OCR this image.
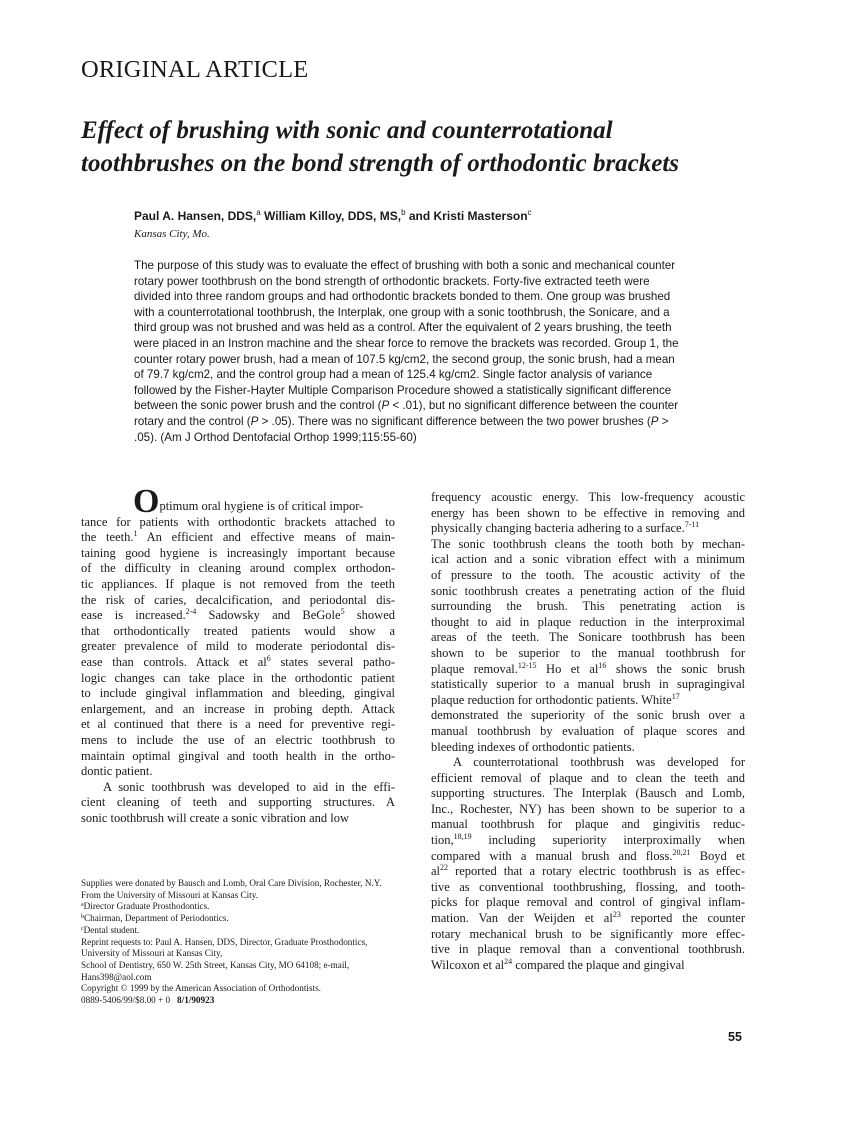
ORIGINAL ARTICLE
Effect of brushing with sonic and counterrotational
toothbrushes on the bond strength of orthodontic brackets
Paul A. Hansen, DDS,$^a$ William Killoy, DDS, MS,$^b$ and Kristi Masterson$^c$
Kansas City, Mo.
The purpose of this study was to evaluate the effect of brushing with both a sonic and mechanical counter
rotary power toothbrush on the bond strength of orthodontic brackets. Forty-five extracted teeth were
divided into three random groups and had orthodontic brackets bonded to them. One group was brushed
with a counterrotational toothbrush, the Interplak, one group with a sonic toothbrush, the Sonicare, and a
third group was not brushed and was held as a control. After the equivalent of 2 years brushing, the teeth
were placed in an Instron machine and the shear force to remove the brackets was recorded. Group 1, the
counter rotary power brush, had a mean of 107.5 kg/cm2, the second group, the sonic brush, had a mean
of 79.7 kg/cm2, and the control group had a mean of 125.4 kg/cm2. Single factor analysis of variance
followed by the Fisher-Hayter Multiple Comparison Procedure showed a statistically significant difference
between the sonic power brush and the control (P < .01), but no significant difference between the counter
rotary and the control (P > .05). There was no significant difference between the two power brushes (P >
.05). (Am J Orthod Dentofacial Orthop 1999;115:55-60)
Optimum oral hygiene is of critical impor-
tance for patients with orthodontic brackets attached to
the teeth.$^1$ An efficient and effective means of main-
taining good hygiene is increasingly important because
of the difficulty in cleaning around complex orthodon-
tic appliances. If plaque is not removed from the teeth
the risk of caries, decalcification, and periodontal dis-
ease is increased.$^{2-4}$ Sadowsky and BeGole$^5$ showed
that orthodontically treated patients would show a
greater prevalence of mild to moderate periodontal dis-
ease than controls. Attack et $al^6$ states several patho-
logic changes can take place in the orthodontic patient
to include gingival inflammation and bleeding, gingival
enlargement, and an increase in probing depth. Attack
et al continued that there is a need for preventive regi-
mens to include the use of an electric toothbrush to
maintain optimal gingival and tooth health in the ortho-
dontic patient.
A sonic toothbrush was developed to aid in the effi-
cient cleaning of teeth and supporting structures. A
sonic toothbrush will create a sonic vibration and low
frequency acoustic energy. This low-frequency acoustic
energy has been shown to be effective in removing and
physically changing bacteria adhering to a surface.$^{7-11}$
The sonic toothbrush cleans the tooth both by mechan-
ical action and a sonic vibration effect with a minimum
of pressure to the tooth. The acoustic activity of the
sonic toothbrush creates a penetrating action of the fluid
surrounding the brush. This penetrating action is
thought to aid in plaque reduction in the interproximal
areas of the teeth. The Sonicare toothbrush has been
shown to be superior to the manual toothbrush for
plaque removal.$^{12-15}$ Ho et $al^{16}$ shows the sonic brush
statistically superior to a manual brush in supragingival
plaque reduction for orthodontic patients. White$^{17}$
demonstrated the superiority of the sonic brush over a
manual toothbrush by evaluation of plaque scores and
bleeding indexes of orthodontic patients.
A counterrotational toothbrush was developed for
efficient removal of plaque and to clean the teeth and
supporting structures. The Interplak (Bausch and Lomb,
Inc., Rochester, NY) has been shown to be superior to a
manual toothbrush for plaque and gingivitis reduc-
tion,$^{18,19}$ including superiority interproximally when
compared with a manual brush and floss.$^{20,21}$ Boyd et
$al^{22}$ reported that a rotary electric toothbrush is as effec-
tive as conventional toothbrushing, flossing, and tooth-
picks for plaque removal and control of gingival inflam-
mation. Van der Weijden et $al^{23}$ reported the counter
rotary mechanical brush to be significantly more effec-
tive in plaque removal than a conventional toothbrush.
Wilcoxon et $al^{24}$ compared the plaque and gingival
Supplies were donated by Bausch and Lomb, Oral Care Division, Rochester, N.Y.
From the University of Missouri at Kansas City.
$^a$Director Graduate Prosthodontics.
$^b$Chairman, Department of Periodontics.
$^c$Dental student.
Reprint requests to: Paul A. Hansen, DDS, Director, Graduate Prosthodontics,
University of Missouri at Kansas City,
School of Dentistry, 650 W. 25th Street, Kansas City, MO 64108; e-mail,
Hans398@aol.com
Copyright © 1999 by the American Association of Orthodontists.
0889-5406/99/$8.00 + 0 8/1/90923
55
